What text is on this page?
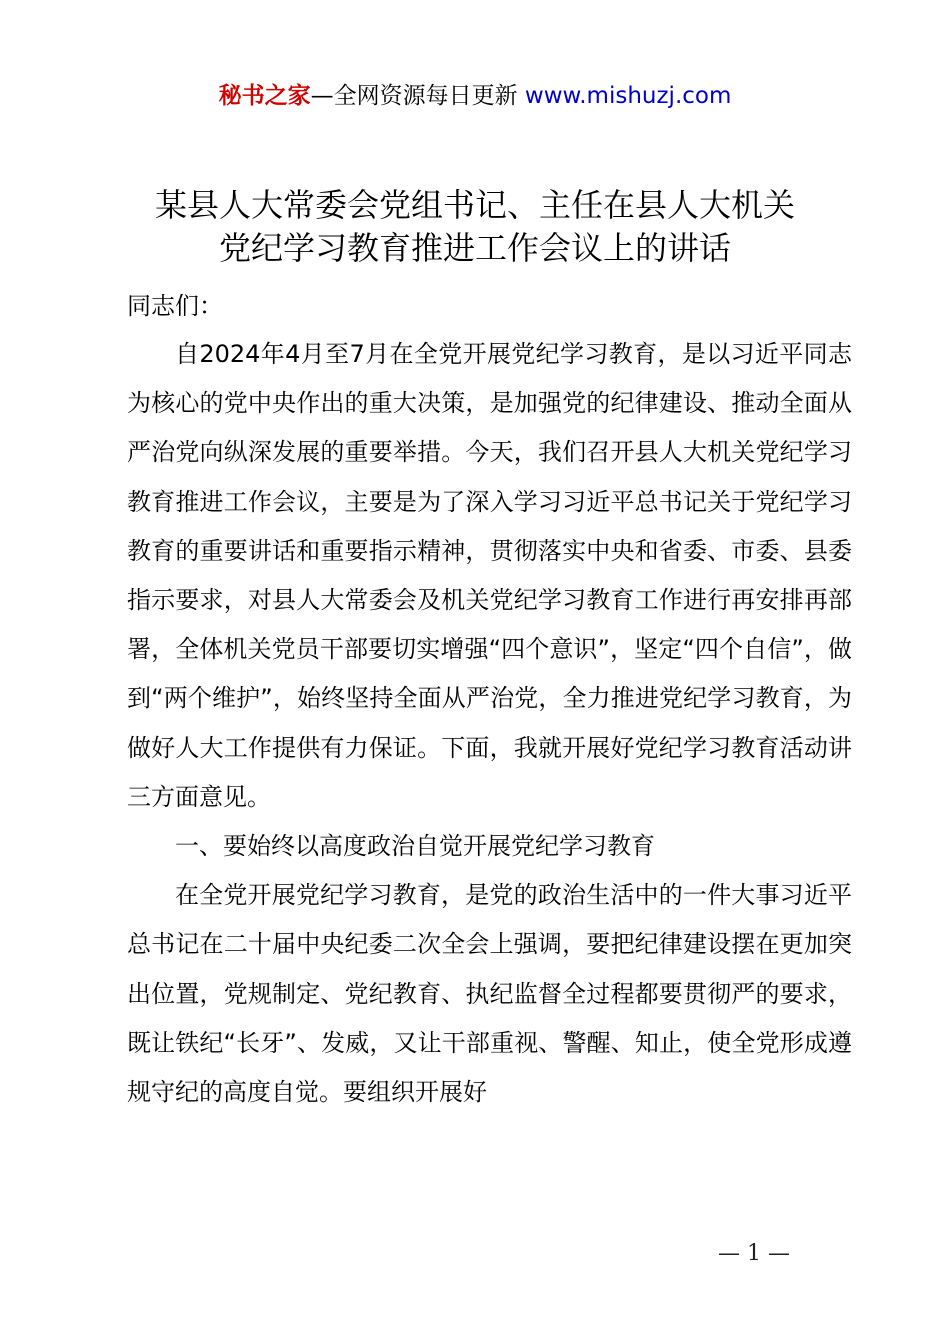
秘书之家—全网资源每日更新 www.mishuzj.com
某县人大常委会党组书记、主任在县人大机关
党纪学习教育推进工作会议上的讲话
同志们：

自2024年4月至7月在全党开展党纪学习教育，是以习近平同志为核心的党中央作出的重大决策，是加强党的纪律建设、推动全面从严治党向纵深发展的重要举措。今天，我们召开县人大机关党纪学习教育推进工作会议，主要是为了深入学习习近平总书记关于党纪学习教育的重要讲话和重要指示精神，贯彻落实中央和省委、市委、县委指示要求，对县人大常委会及机关党纪学习教育工作进行再安排再部署，全体机关党员干部要切实增强“四个意识”，坚定“四个自信”，做到“两个维护”，始终坚持全面从严治党，全力推进党纪学习教育，为做好人大工作提供有力保证。下面，我就开展好党纪学习教育活动讲三方面意见。

一、要始终以高度政治自觉开展党纪学习教育

在全党开展党纪学习教育，是党的政治生活中的一件大事习近平总书记在二十届中央纪委二次全会上强调，要把纪律建设摆在更加突出位置，党规制定、党纪教育、执纪监督全过程都要贯彻严的要求，既让铁纪“长牙”、发威，又让干部重视、警醒、知止，使全党形成遵规守纪的高度自觉。要组织开展好

— 1 —
